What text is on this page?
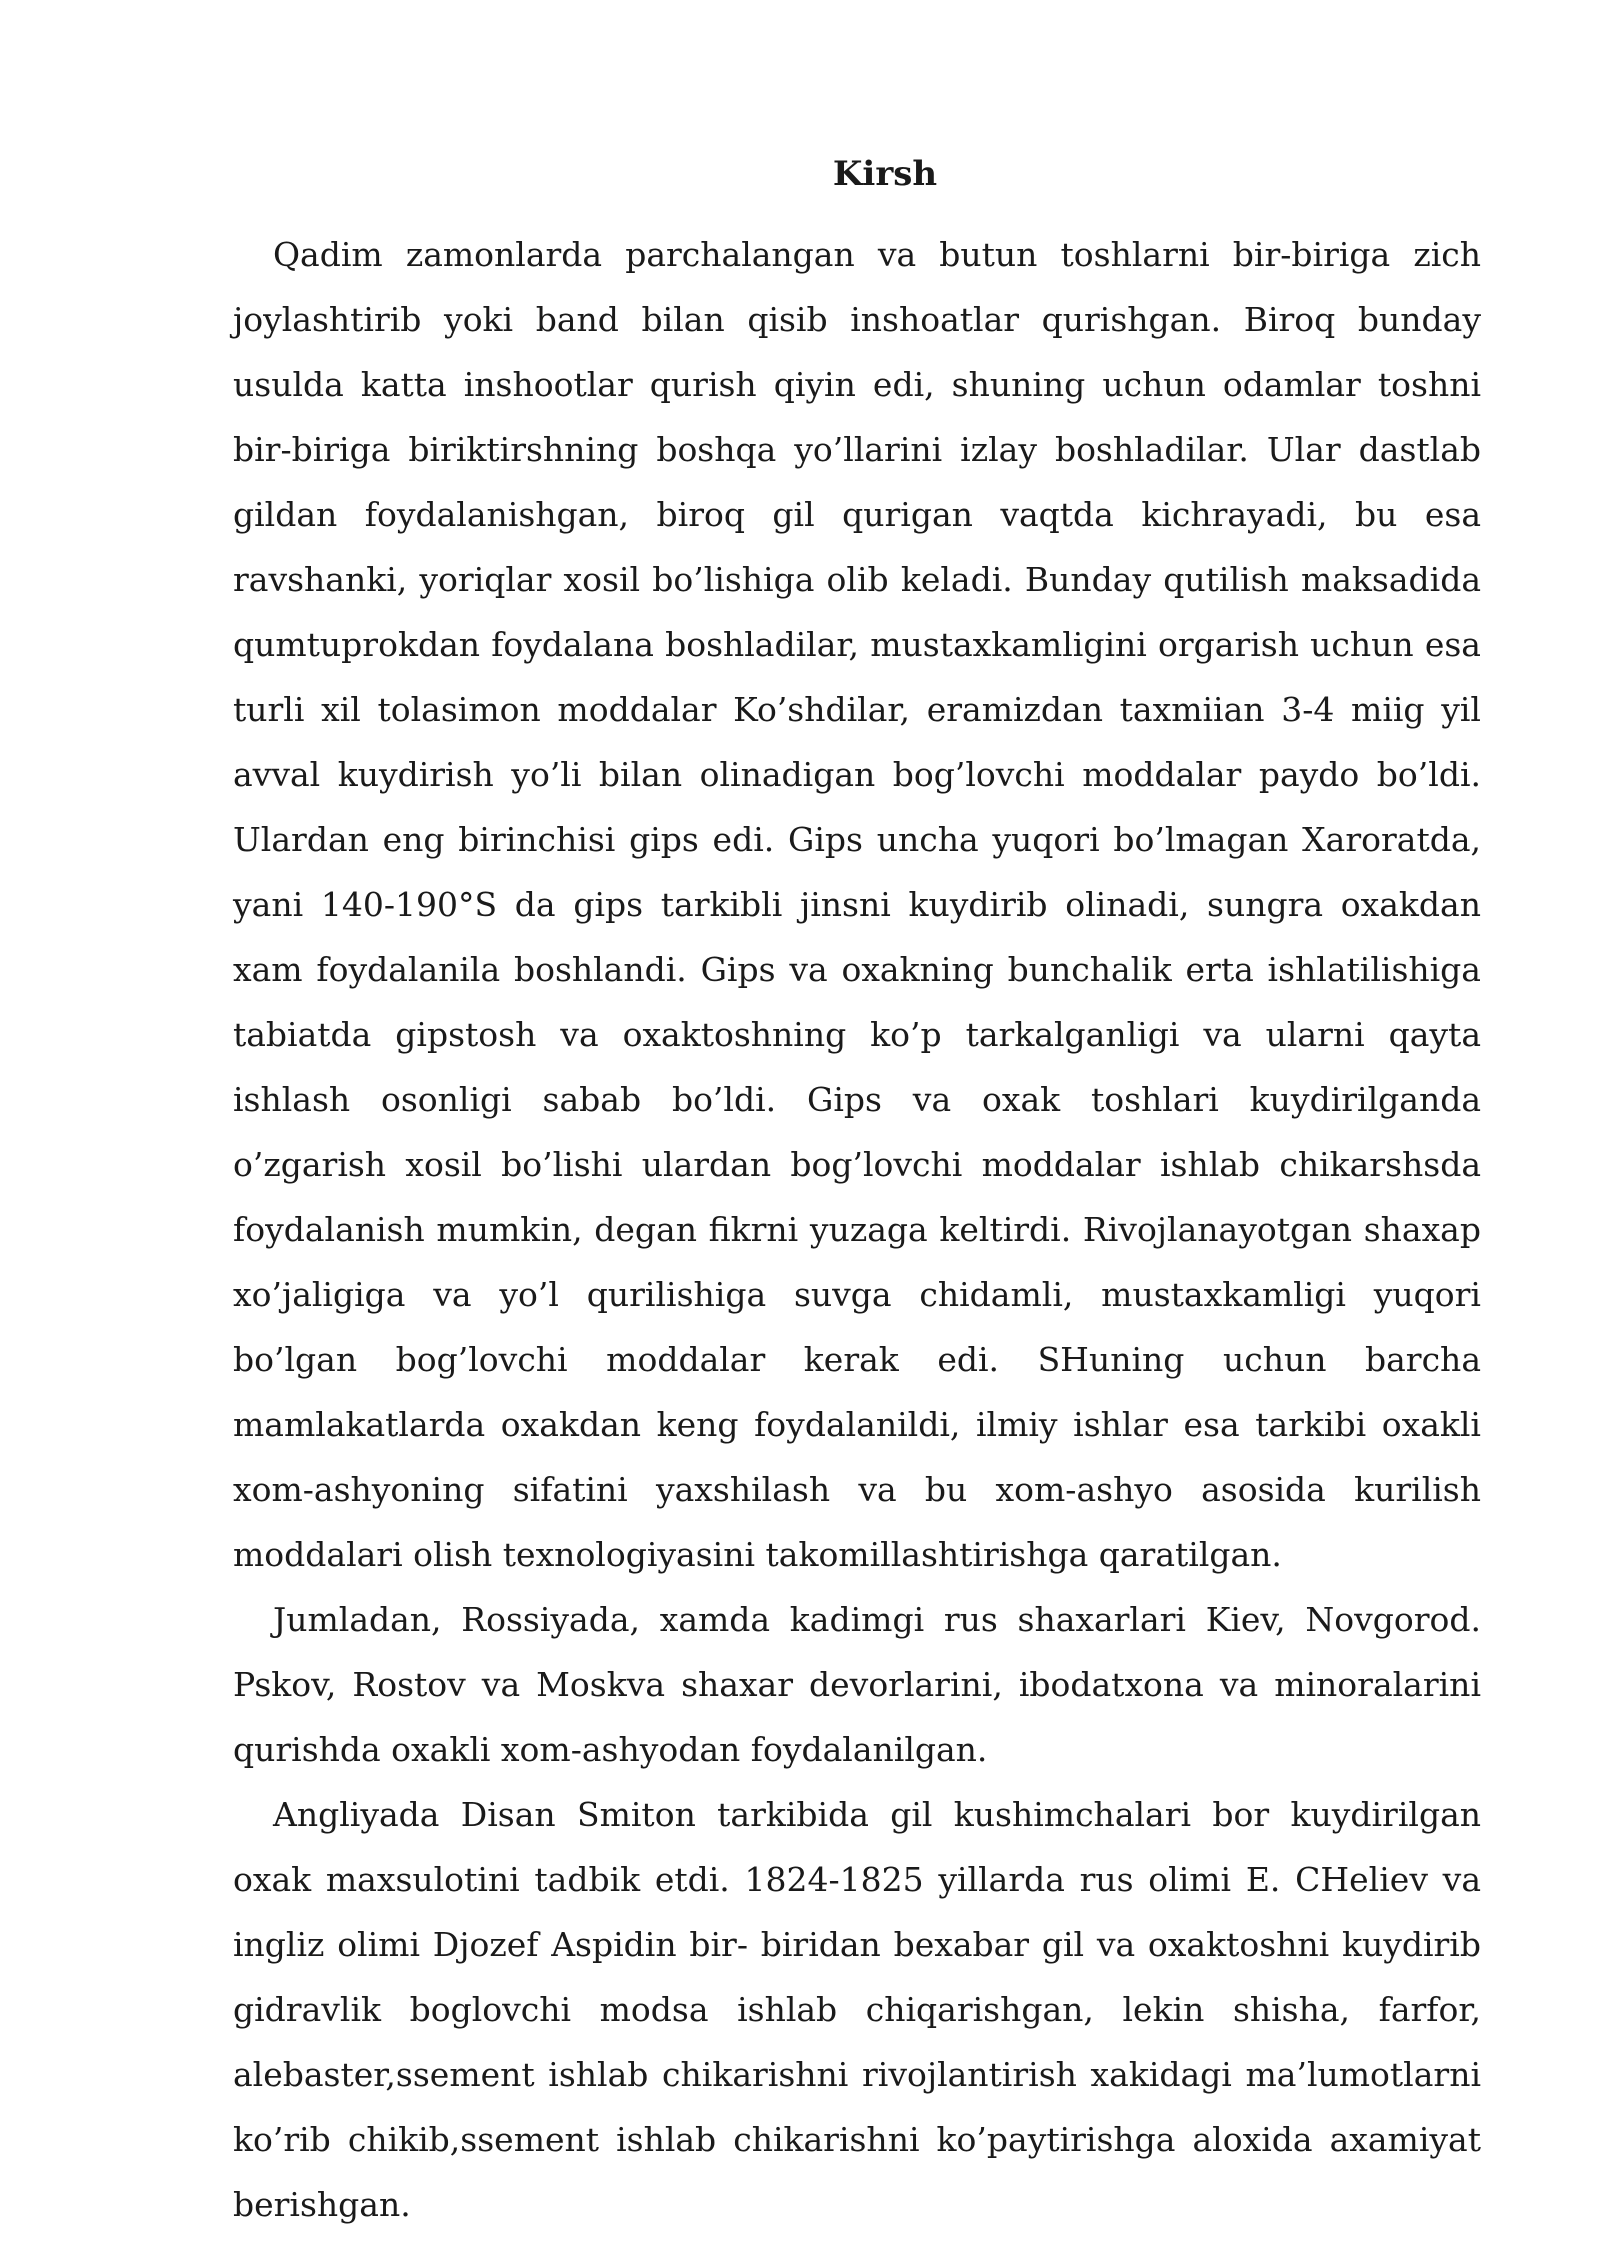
Kirsh

Qadim zamonlarda parchalangan va butun toshlarni bir-biriga zich joylashtirib yoki band bilan qisib inshoatlar qurishgan. Biroq bunday usulda katta inshootlar qurish qiyin edi, shuning uchun odamlar toshni bir-biriga biriktirshning boshqa yo’llarini izlay boshladilar. Ular dastlab gildan foydalanishgan, biroq gil qurigan vaqtda kichrayadi, bu esa ravshanki, yoriqlar xosil bo’lishiga olib keladi. Bunday qutilish maksadida qumtuprokdan foydalana boshladilar, mustaxkamligini orgarish uchun esa turli xil tolasimon moddalar Ko’shdilar, eramizdan taxmiian 3-4 miig yil avval kuydirish yo’li bilan olinadigan bog’lovchi moddalar paydo bo’ldi. Ulardan eng birinchisi gips edi. Gips uncha yuqori bo’lmagan Xaroratda, yani 140-190°S da gips tarkibli jinsni kuydirib olinadi, sungra oxakdan xam foydalanila boshlandi. Gips va oxakning bunchalik erta ishlatilishiga tabiatda gipstosh va oxaktoshning ko’p tarkalganligi va ularni qayta ishlash osonligi sabab bo’ldi. Gips va oxak toshlari kuydirilganda o’zgarish xosil bo’lishi ulardan bog’lovchi moddalar ishlab chikarshsda foydalanish mumkin, degan fikrni yuzaga keltirdi. Rivojlanayotgan shaxap xo’jaligiga va yo’l qurilishiga suvga chidamli, mustaxkamligi yuqori bo’lgan bog’lovchi moddalar kerak edi. SHuning uchun barcha mamlakatlarda oxakdan keng foydalanildi, ilmiy ishlar esa tarkibi oxakli xom-ashyoning sifatini yaxshilash va bu xom-ashyo asosida kurilish moddalari olish texnologiyasini takomillashtirishga qaratilgan.

Jumladan, Rossiyada, xamda kadimgi rus shaxarlari Kiev, Novgorod. Pskov, Rostov va Moskva shaxar devorlarini, ibodatxona va minoralarini qurishda oxakli xom-ashyodan foydalanilgan.

Angliyada Disan Smiton tarkibida gil kushimchalari bor kuydirilgan oxak maxsulotini tadbik etdi. 1824-1825 yillarda rus olimi E. CHeliev va ingliz olimi Djozef Aspidin bir- biridan bexabar gil va oxaktoshni kuydirib gidravlik boglovchi modsa ishlab chiqarishgan, lekin shisha, farfor, alebaster,ssement ishlab chikarishni rivojlantirish xakidagi ma’lumotlarni ko’rib chikib,ssement ishlab chikarishni ko’paytirishga aloxida axamiyat berishgan.
